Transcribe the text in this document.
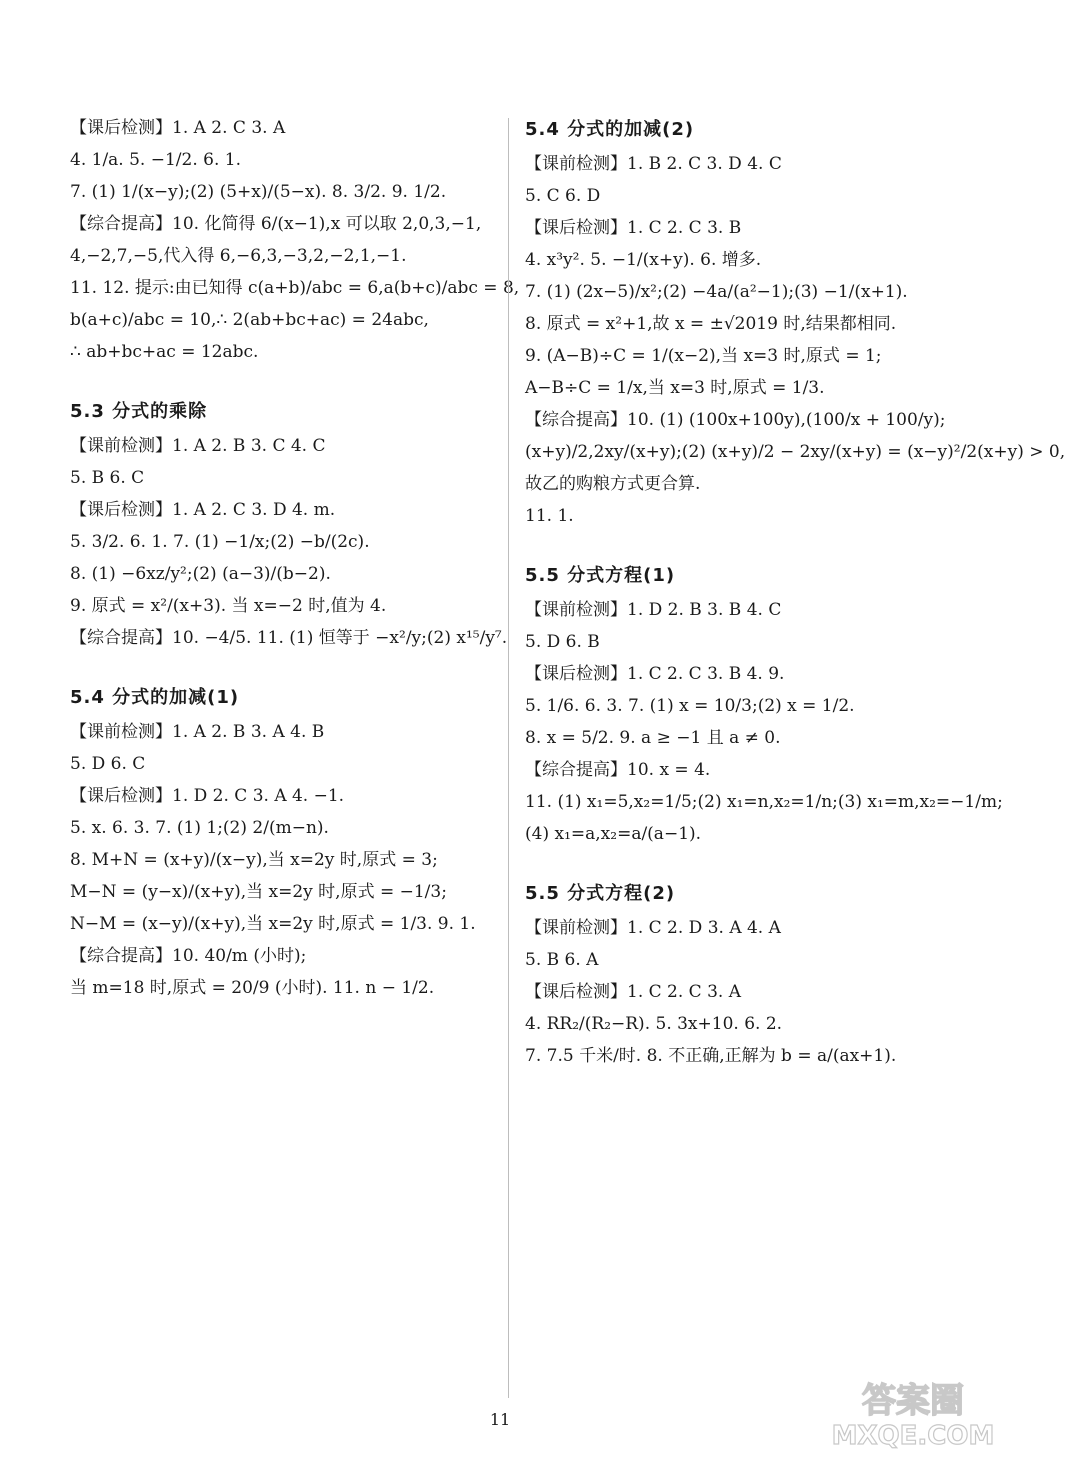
【课后检测】1. A 2. C 3. A
4. 1/a. 5. −1/2. 6. 1.
7. (1) 1/(x−y);(2) (5+x)/(5−x). 8. 3/2. 9. 1/2.
【综合提高】10. 化简得 6/(x−1),x 可以取 2,0,3,−1,
4,−2,7,−5,代入得 6,−6,3,−3,2,−2,1,−1.
11. 12. 提示:由已知得 c(a+b)/abc = 6,a(b+c)/abc = 8,
b(a+c)/abc = 10,∴ 2(ab+bc+ac) = 24abc,
∴ ab+bc+ac = 12abc.
5.3 分式的乘除
【课前检测】1. A 2. B 3. C 4. C
5. B 6. C
【课后检测】1. A 2. C 3. D 4. m.
5. 3/2. 6. 1. 7. (1) −1/x;(2) −b/(2c).
8. (1) −6xz/y²;(2) (a−3)/(b−2).
9. 原式 = x²/(x+3). 当 x=−2 时,值为 4.
【综合提高】10. −4/5. 11. (1) 恒等于 −x²/y;(2) x¹⁵/y⁷.
5.4 分式的加减(1)
【课前检测】1. A 2. B 3. A 4. B
5. D 6. C
【课后检测】1. D 2. C 3. A 4. −1.
5. x. 6. 3. 7. (1) 1;(2) 2/(m−n).
8. M+N = (x+y)/(x−y),当 x=2y 时,原式 = 3;
M−N = (y−x)/(x+y),当 x=2y 时,原式 = −1/3;
N−M = (x−y)/(x+y),当 x=2y 时,原式 = 1/3. 9. 1.
【综合提高】10. 40/m (小时);
当 m=18 时,原式 = 20/9 (小时). 11. n − 1/2.
5.4 分式的加减(2)
【课前检测】1. B 2. C 3. D 4. C
5. C 6. D
【课后检测】1. C 2. C 3. B
4. x³y². 5. −1/(x+y). 6. 增多.
7. (1) (2x−5)/x²;(2) −4a/(a²−1);(3) −1/(x+1).
8. 原式 = x²+1,故 x = ±√2019 时,结果都相同.
9. (A−B)÷C = 1/(x−2),当 x=3 时,原式 = 1;
A−B÷C = 1/x,当 x=3 时,原式 = 1/3.
【综合提高】10. (1) (100x+100y),(100/x + 100/y);
(x+y)/2,2xy/(x+y);(2) (x+y)/2 − 2xy/(x+y) = (x−y)²/2(x+y) > 0,
故乙的购粮方式更合算.
11. 1.
5.5 分式方程(1)
【课前检测】1. D 2. B 3. B 4. C
5. D 6. B
【课后检测】1. C 2. C 3. B 4. 9.
5. 1/6. 6. 3. 7. (1) x = 10/3;(2) x = 1/2.
8. x = 5/2. 9. a ≥ −1 且 a ≠ 0.
【综合提高】10. x = 4.
11. (1) x₁=5,x₂=1/5;(2) x₁=n,x₂=1/n;(3) x₁=m,x₂=−1/m;
(4) x₁=a,x₂=a/(a−1).
5.5 分式方程(2)
【课前检测】1. C 2. D 3. A 4. A
5. B 6. A
【课后检测】1. C 2. C 3. A
4. RR₂/(R₂−R). 5. 3x+10. 6. 2.
7. 7.5 千米/时. 8. 不正确,正解为 b = a/(ax+1).
11	答案圈
MXQE.COM
